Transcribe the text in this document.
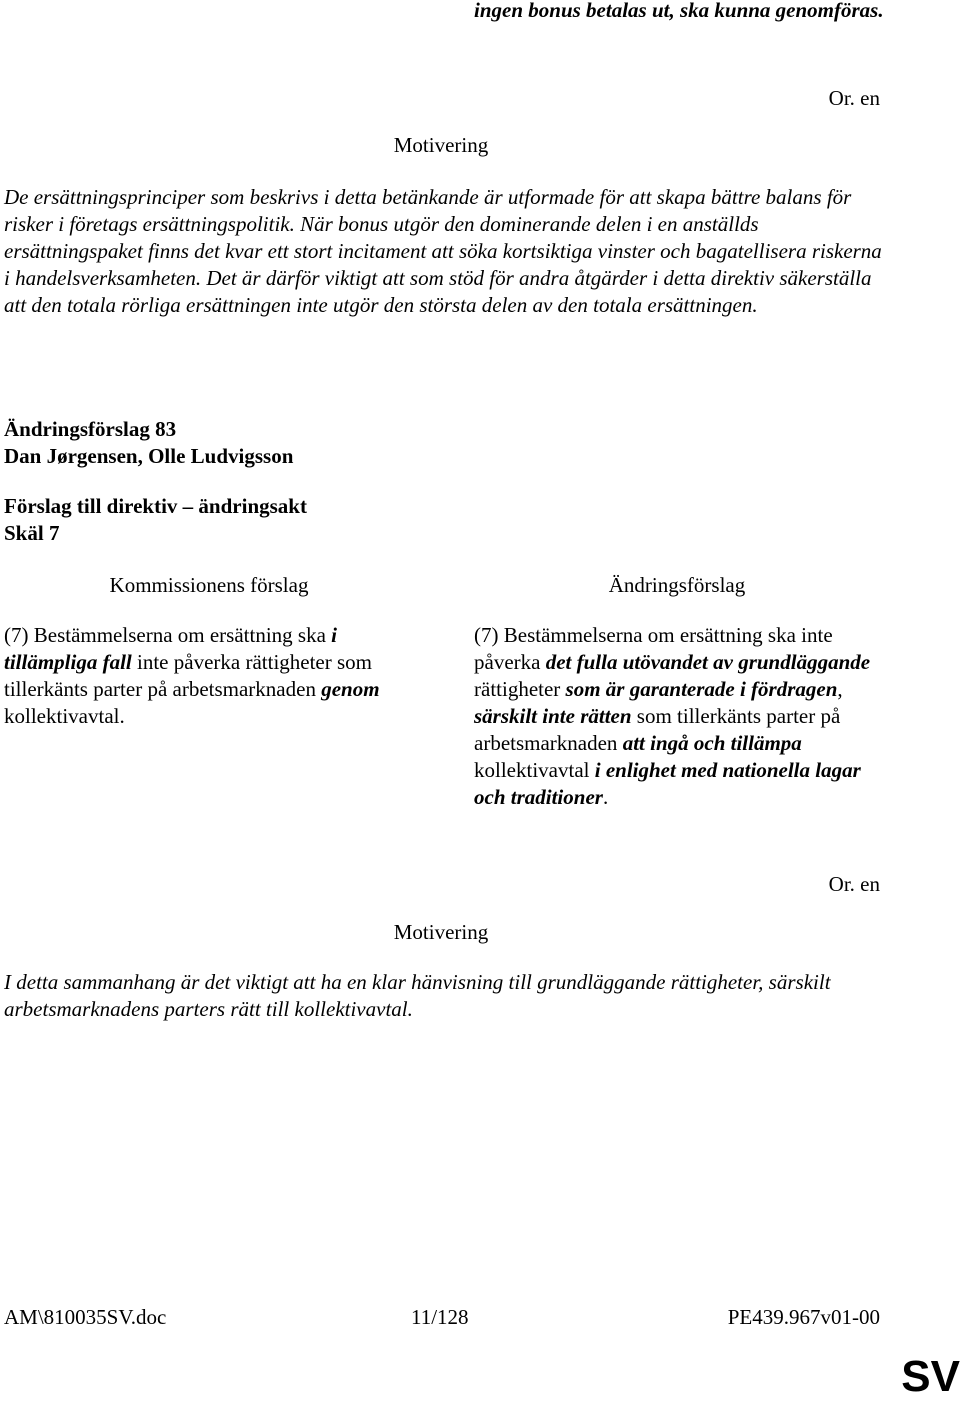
ingen bonus betalas ut, ska kunna genomföras.
Or. en
Motivering
De ersättningsprinciper som beskrivs i detta betänkande är utformade för att skapa bättre balans för risker i företags ersättningspolitik. När bonus utgör den dominerande delen i en anställds ersättningspaket finns det kvar ett stort incitament att söka kortsiktiga vinster och bagatellisera riskerna i handelsverksamheten. Det är därför viktigt att som stöd för andra åtgärder i detta direktiv säkerställa att den totala rörliga ersättningen inte utgör den största delen av den totala ersättningen.
Ändringsförslag 83
Dan Jørgensen, Olle Ludvigsson
Förslag till direktiv – ändringsakt
Skäl 7
Kommissionens förslag	Ändringsförslag
(7) Bestämmelserna om ersättning ska i tillämpliga fall inte påverka rättigheter som tillerkänts parter på arbetsmarknaden genom kollektivavtal.
(7) Bestämmelserna om ersättning ska inte påverka det fulla utövandet av grundläggande rättigheter som är garanterade i fördragen, särskilt inte rätten som tillerkänts parter på arbetsmarknaden att ingå och tillämpa kollektivavtal i enlighet med nationella lagar och traditioner.
Or. en
Motivering
I detta sammanhang är det viktigt att ha en klar hänvisning till grundläggande rättigheter, särskilt arbetsmarknadens parters rätt till kollektivavtal.
AM\810035SV.doc	11/128	PE439.967v01-00
SV
